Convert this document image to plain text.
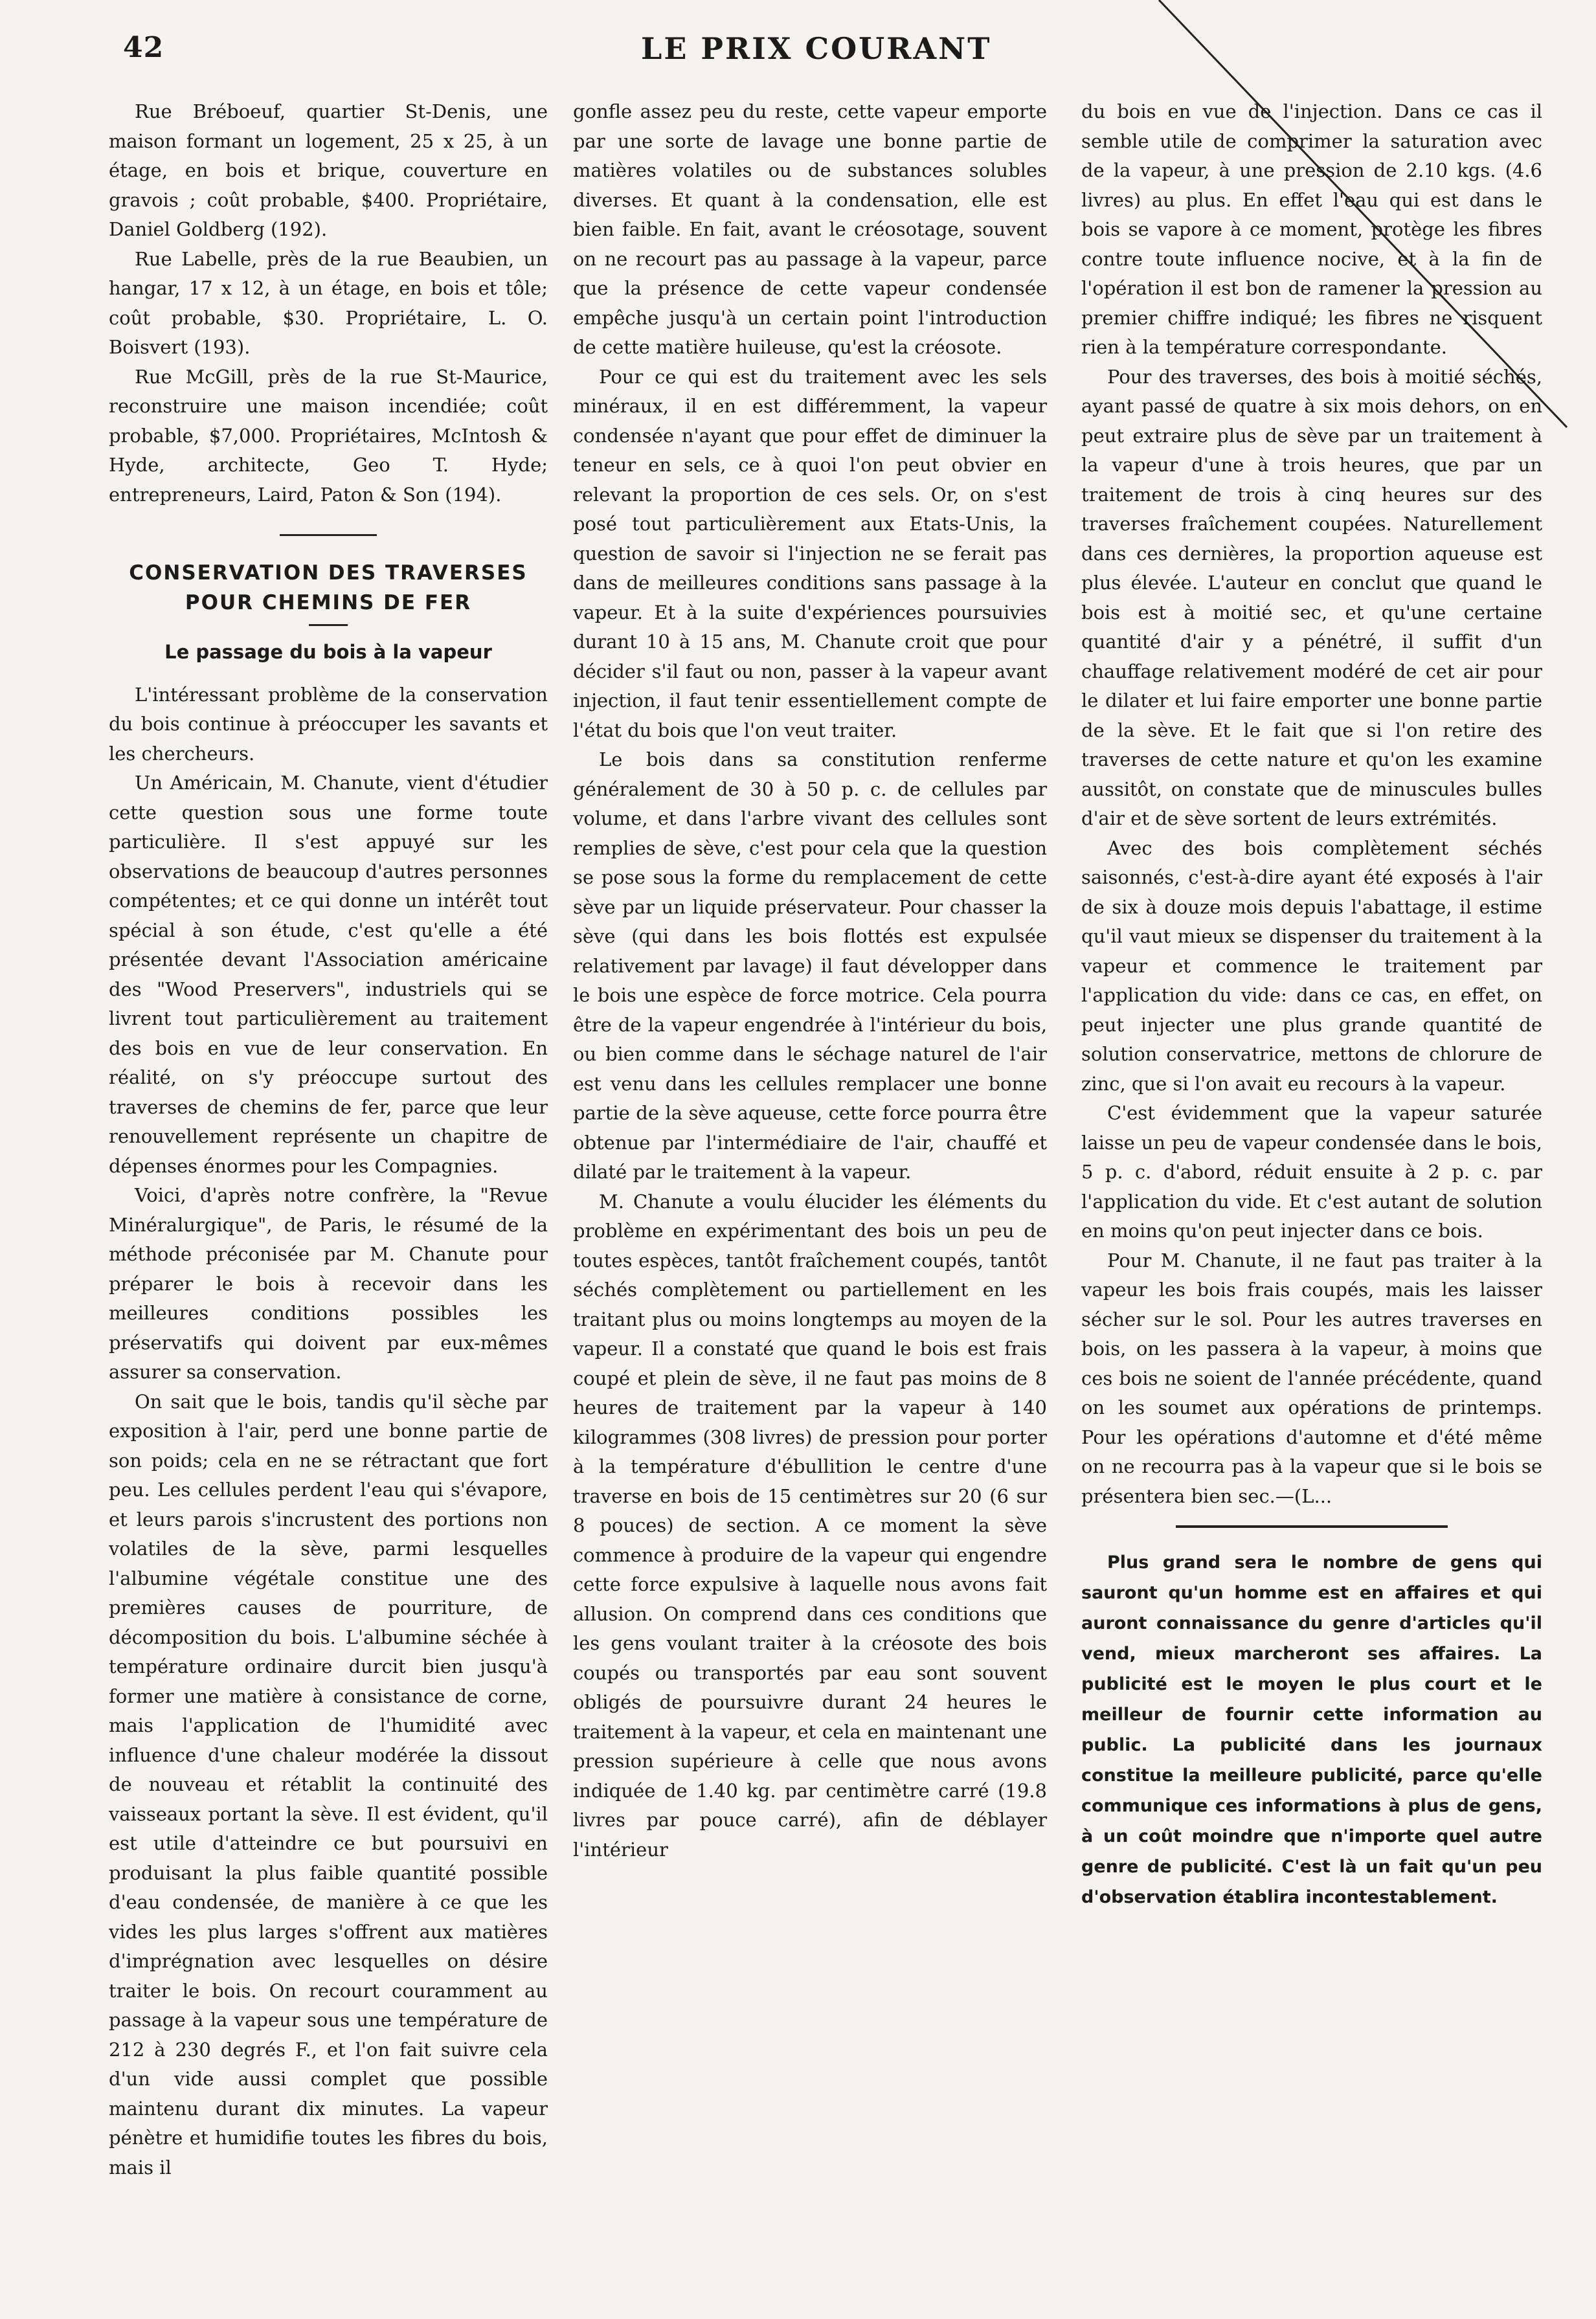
42	LE PRIX COURANT

Rue Bréboeuf, quartier St-Denis, une maison formant un logement, 25 x 25, à un étage, en bois et brique, couverture en gravois ; coût probable, $400. Propriétaire, Daniel Goldberg (192).

Rue Labelle, près de la rue Beaubien, un hangar, 17 x 12, à un étage, en bois et tôle; coût probable, $30. Propriétaire, L. O. Boisvert (193).

Rue McGill, près de la rue St-Maurice, reconstruire une maison incendiée; coût probable, $7,000. Propriétaires, McIntosh & Hyde, architecte, Geo T. Hyde; entrepreneurs, Laird, Paton & Son (194).

CONSERVATION DES TRAVERSES
POUR CHEMINS DE FER
Le passage du bois à la vapeur

L'intéressant problème de la conservation du bois continue à préoccuper les savants et les chercheurs.

Un Américain, M. Chanute, vient d'étudier cette question sous une forme toute particulière. Il s'est appuyé sur les observations de beaucoup d'autres personnes compétentes; et ce qui donne un intérêt tout spécial à son étude, c'est qu'elle a été présentée devant l'Association américaine des "Wood Preservers", industriels qui se livrent tout particulièrement au traitement des bois en vue de leur conservation. En réalité, on s'y préoccupe surtout des traverses de chemins de fer, parce que leur renouvellement représente un chapitre de dépenses énormes pour les Compagnies.

Voici, d'après notre confrère, la "Revue Minéralurgique", de Paris, le résumé de la méthode préconisée par M. Chanute pour préparer le bois à recevoir dans les meilleures conditions possibles les préservatifs qui doivent par eux-mêmes assurer sa conservation.

On sait que le bois, tandis qu'il sèche par exposition à l'air, perd une bonne partie de son poids; cela en ne se rétractant que fort peu. Les cellules perdent l'eau qui s'évapore, et leurs parois s'incrustent des portions non volatiles de la sève, parmi lesquelles l'albumine végétale constitue une des premières causes de pourriture, de décomposition du bois. L'albumine séchée à température ordinaire durcit bien jusqu'à former une matière à consistance de corne, mais l'application de l'humidité avec influence d'une chaleur modérée la dissout de nouveau et rétablit la continuité des vaisseaux portant la sève. Il est évident, qu'il est utile d'atteindre ce but poursuivi en produisant la plus faible quantité possible d'eau condensée, de manière à ce que les vides les plus larges s'offrent aux matières d'imprégnation avec lesquelles on désire traiter le bois. On recourt couramment au passage à la vapeur sous une température de 212 à 230 degrés F., et l'on fait suivre cela d'un vide aussi complet que possible maintenu durant dix minutes. La vapeur pénètre et humidifie toutes les fibres du bois, mais il

gonfle assez peu du reste, cette vapeur emporte par une sorte de lavage une bonne partie de matières volatiles ou de substances solubles diverses. Et quant à la condensation, elle est bien faible. En fait, avant le créosotage, souvent on ne recourt pas au passage à la vapeur, parce que la présence de cette vapeur condensée empêche jusqu'à un certain point l'introduction de cette matière huileuse, qu'est la créosote.

Pour ce qui est du traitement avec les sels minéraux, il en est différemment, la vapeur condensée n'ayant que pour effet de diminuer la teneur en sels, ce à quoi l'on peut obvier en relevant la proportion de ces sels. Or, on s'est posé tout particulièrement aux Etats-Unis, la question de savoir si l'injection ne se ferait pas dans de meilleures conditions sans passage à la vapeur. Et à la suite d'expériences poursuivies durant 10 à 15 ans, M. Chanute croit que pour décider s'il faut ou non, passer à la vapeur avant injection, il faut tenir essentiellement compte de l'état du bois que l'on veut traiter.

Le bois dans sa constitution renferme généralement de 30 à 50 p. c. de cellules par volume, et dans l'arbre vivant des cellules sont remplies de sève, c'est pour cela que la question se pose sous la forme du remplacement de cette sève par un liquide préservateur. Pour chasser la sève (qui dans les bois flottés est expulsée relativement par lavage) il faut développer dans le bois une espèce de force motrice. Cela pourra être de la vapeur engendrée à l'intérieur du bois, ou bien comme dans le séchage naturel de l'air est venu dans les cellules remplacer une bonne partie de la sève aqueuse, cette force pourra être obtenue par l'intermédiaire de l'air, chauffé et dilaté par le traitement à la vapeur.

M. Chanute a voulu élucider les éléments du problème en expérimentant des bois un peu de toutes espèces, tantôt fraîchement coupés, tantôt séchés complètement ou partiellement en les traitant plus ou moins longtemps au moyen de la vapeur. Il a constaté que quand le bois est frais coupé et plein de sève, il ne faut pas moins de 8 heures de traitement par la vapeur à 140 kilogrammes (308 livres) de pression pour porter à la température d'ébullition le centre d'une traverse en bois de 15 centimètres sur 20 (6 sur 8 pouces) de section. A ce moment la sève commence à produire de la vapeur qui engendre cette force expulsive à laquelle nous avons fait allusion. On comprend dans ces conditions que les gens voulant traiter à la créosote des bois coupés ou transportés par eau sont souvent obligés de poursuivre durant 24 heures le traitement à la vapeur, et cela en maintenant une pression supérieure à celle que nous avons indiquée de 1.40 kg. par centimètre carré (19.8 livres par pouce carré), afin de déblayer l'intérieur

du bois en vue de l'injection. Dans ce cas il semble utile de comprimer la saturation avec de la vapeur, à une pression de 2.10 kgs. (4.6 livres) au plus. En effet l'eau qui est dans le bois se vapore à ce moment, protège les fibres contre toute influence nocive, et à la fin de l'opération il est bon de ramener la pression au premier chiffre indiqué; les fibres ne risquent rien à la température correspondante.

Pour des traverses, des bois à moitié séchés, ayant passé de quatre à six mois dehors, on en peut extraire plus de sève par un traitement à la vapeur d'une à trois heures, que par un traitement de trois à cinq heures sur des traverses fraîchement coupées. Naturellement dans ces dernières, la proportion aqueuse est plus élevée. L'auteur en conclut que quand le bois est à moitié sec, et qu'une certaine quantité d'air y a pénétré, il suffit d'un chauffage relativement modéré de cet air pour le dilater et lui faire emporter une bonne partie de la sève. Et le fait que si l'on retire des traverses de cette nature et qu'on les examine aussitôt, on constate que de minuscules bulles d'air et de sève sortent de leurs extrémités.

Avec des bois complètement séchés saisonnés, c'est-à-dire ayant été exposés à l'air de six à douze mois depuis l'abattage, il estime qu'il vaut mieux se dispenser du traitement à la vapeur et commence le traitement par l'application du vide: dans ce cas, en effet, on peut injecter une plus grande quantité de solution conservatrice, mettons de chlorure de zinc, que si l'on avait eu recours à la vapeur.

C'est évidemment que la vapeur saturée laisse un peu de vapeur condensée dans le bois, 5 p. c. d'abord, réduit ensuite à 2 p. c. par l'application du vide. Et c'est autant de solution en moins qu'on peut injecter dans ce bois.

Pour M. Chanute, il ne faut pas traiter à la vapeur les bois frais coupés, mais les laisser sécher sur le sol. Pour les autres traverses en bois, on les passera à la vapeur, à moins que ces bois ne soient de l'année précédente, quand on les soumet aux opérations de printemps. Pour les opérations d'automne et d'été même on ne recourra pas à la vapeur que si le bois se présentera bien sec.—(L...

Plus grand sera le nombre de gens qui sauront qu'un homme est en affaires et qui auront connaissance du genre d'articles qu'il vend, mieux marcheront ses affaires. La publicité est le moyen le plus court et le meilleur de fournir cette information au public. La publicité dans les journaux constitue la meilleure publicité, parce qu'elle communique ces informations à plus de gens, à un coût moindre que n'importe quel autre genre de publicité. C'est là un fait qu'un peu d'observation établira incontestablement.
